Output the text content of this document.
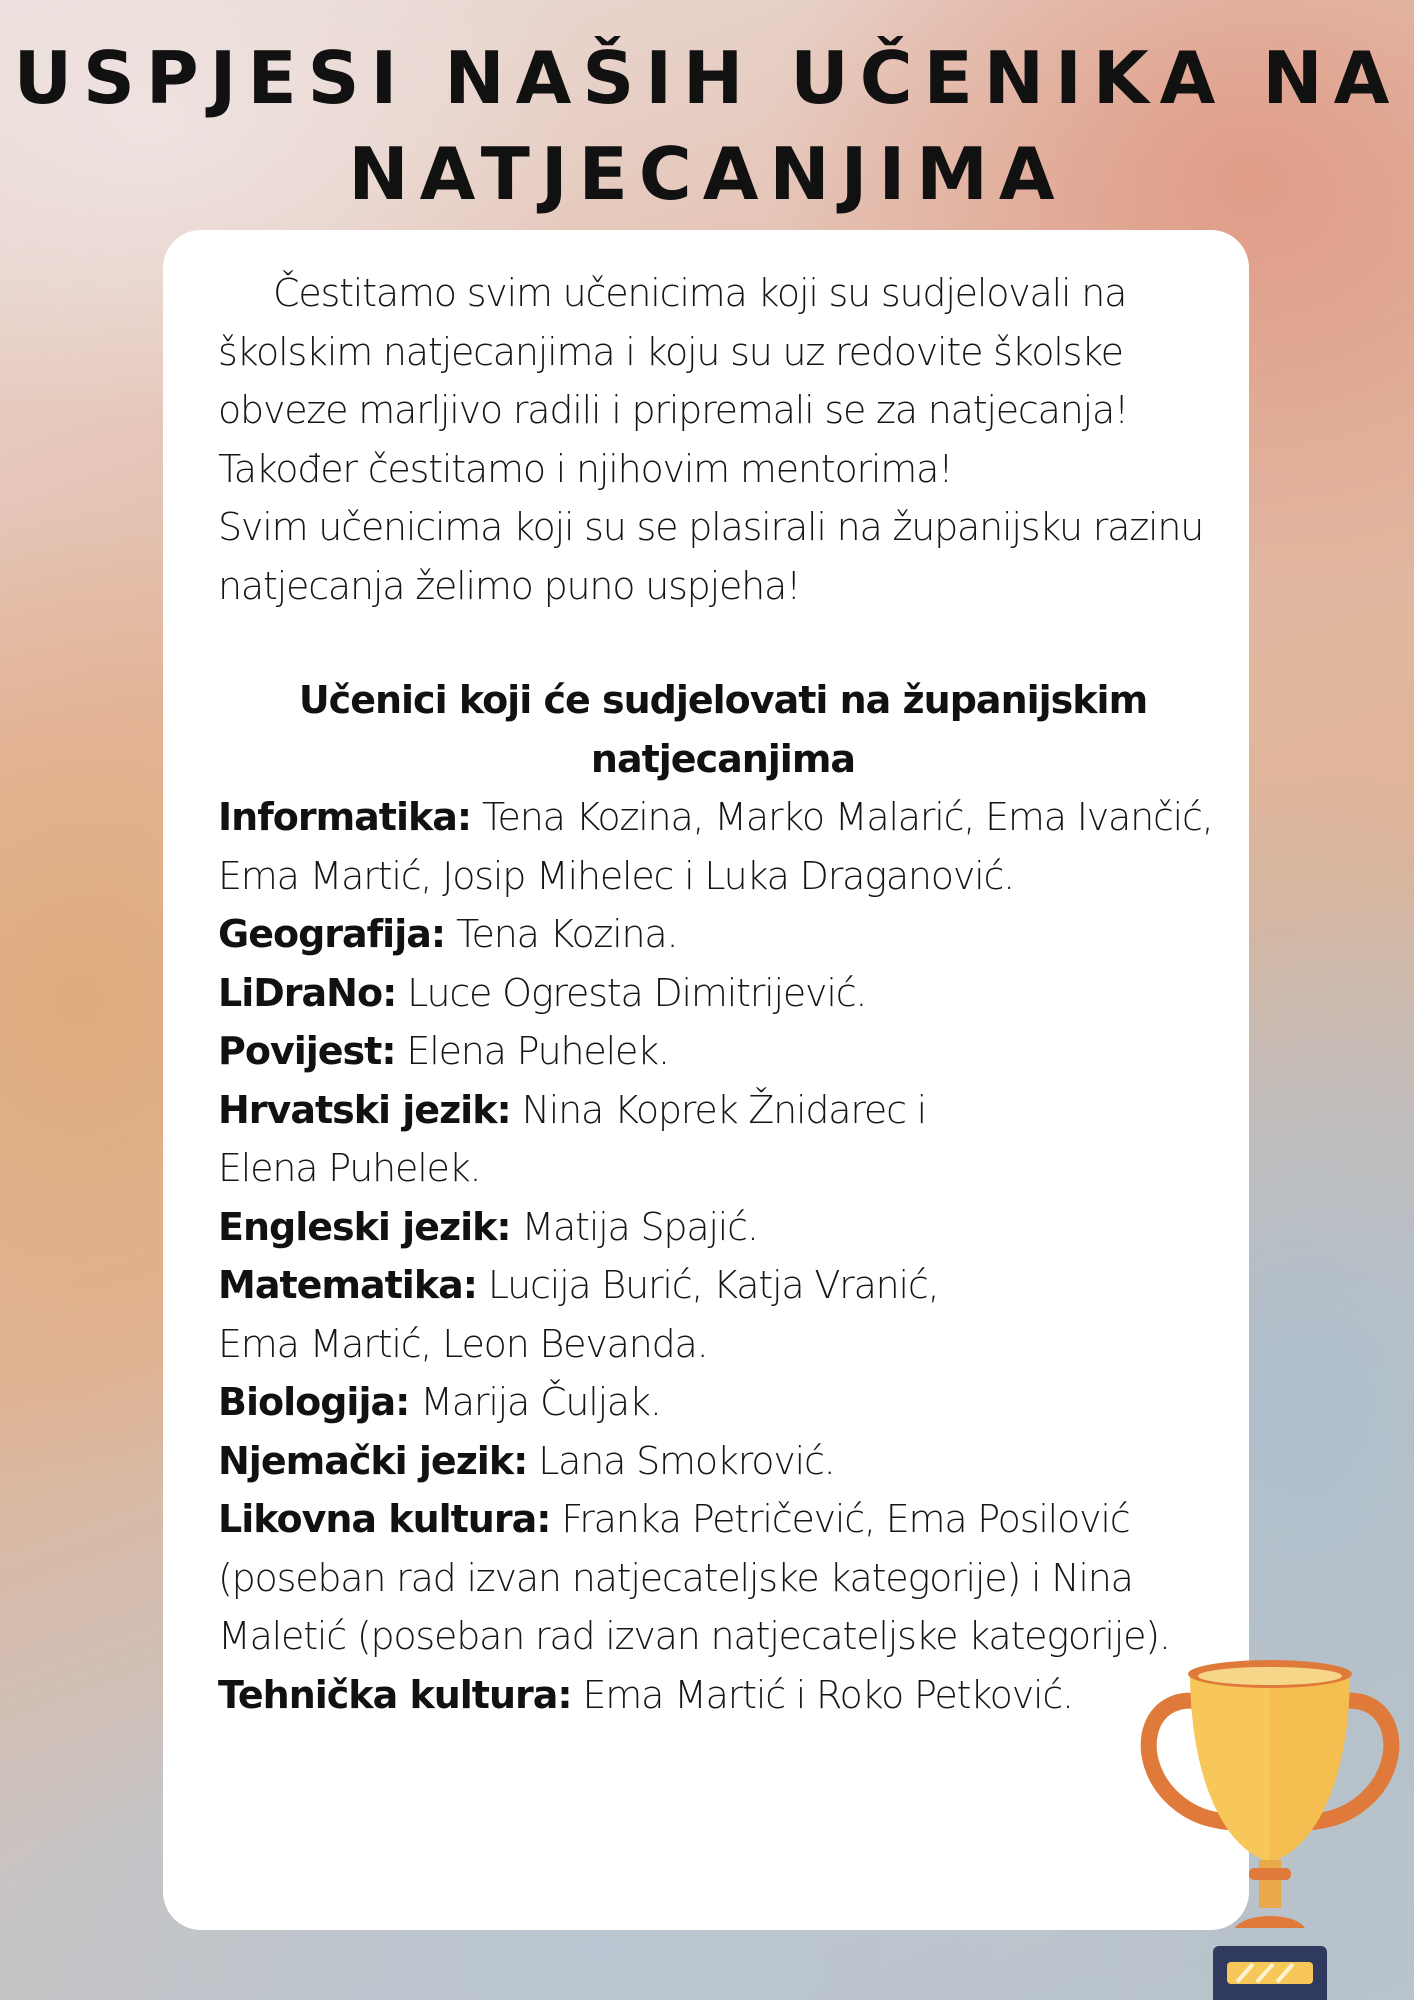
USPJESI NAŠIH UČENIKA NA NATJECANJIMA

Čestitamo svim učenicima koji su sudjelovali na školskim natjecanjima i koju su uz redovite školske obveze marljivo radili i pripremali se za natjecanja!

Također čestitamo i njihovim mentorima!

Svim učenicima koji su se plasirali na županijsku razinu natjecanja želimo puno uspjeha!

Učenici koji će sudjelovati na županijskim natjecanjima

Informatika: Tena Kozina, Marko Malarić, Ema Ivančić, Ema Martić, Josip Mihelec i Luka Draganović.

Geografija: Tena Kozina.

LiDraNo: Luce Ogresta Dimitrijević.

Povijest: Elena Puhelek.

Hrvatski jezik: Nina Koprek Žnidarec i Elena Puhelek.

Engleski jezik: Matija Spajić.

Matematika: Lucija Burić, Katja Vranić, Ema Martić, Leon Bevanda.

Biologija: Marija Čuljak.

Njemački jezik: Lana Smokrović.

Likovna kultura: Franka Petričević, Ema Posilović (poseban rad izvan natjecateljske kategorije) i Nina Maletić (poseban rad izvan natjecateljske kategorije).

Tehnička kultura: Ema Martić i Roko Petković.
